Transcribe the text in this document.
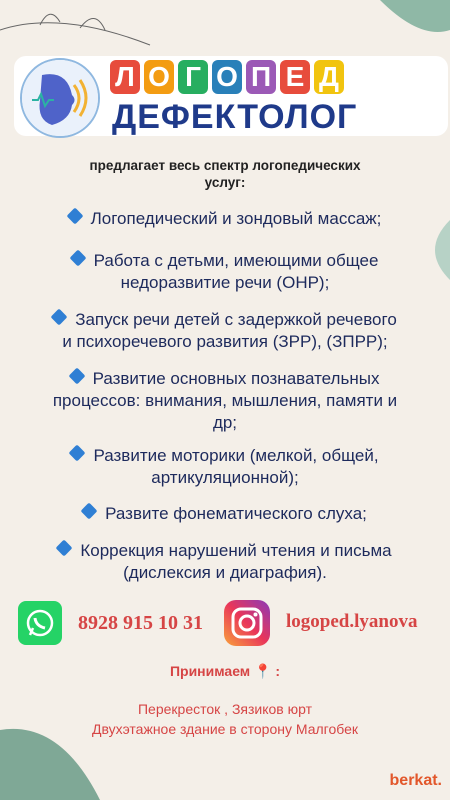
Л О Г О П Е Д
ДЕФЕКТОЛОГ
предлагает весь спектр логопедических
услуг:
Логопедический и зондовый массаж;
Работа с детьми, имеющими общее
недоразвитие речи (ОНР);
Запуск речи детей с задержкой речевого
и психоречевого развития (ЗРР), (ЗПРР);
Развитие основных познавательных
процессов: внимания, мышления, памяти и
др;
Развитие моторики (мелкой, общей,
артикуляционной);
Развите фонематического слуха;
Коррекция нарушений чтения и письма
(дислексия и диаграфия).
8928 915 10 31	logoped.lyanova
Принимаем 📍 :
Перекресток , Зязиков юрт
Двухэтажное здание в сторону Малгобек
berkat.
